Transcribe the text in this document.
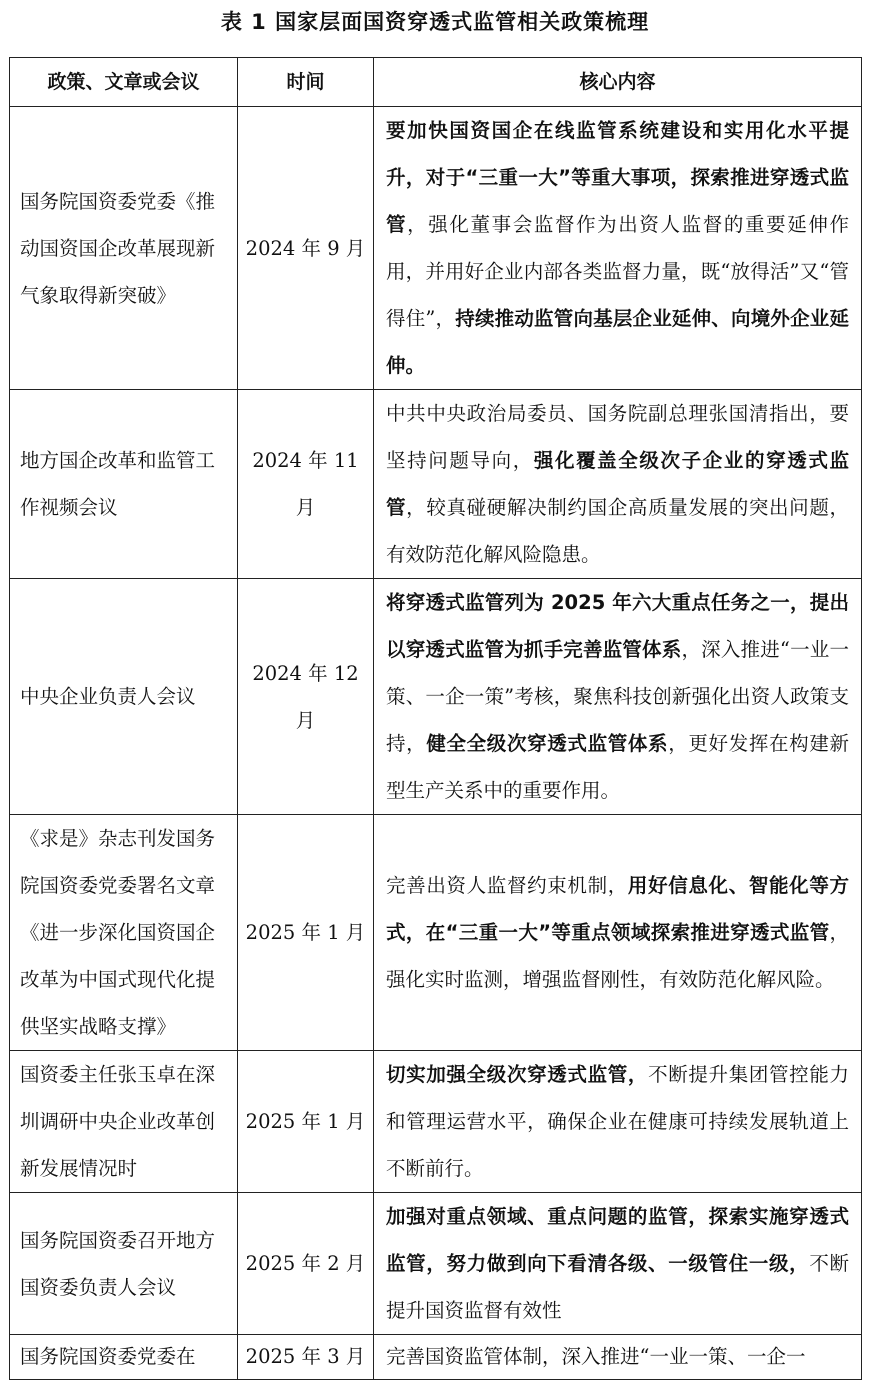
表 1 国家层面国资穿透式监管相关政策梳理
政策、文章或会议	时间	核心内容
国务院国资委党委《推动国资国企改革展现新气象取得新突破》	2024 年 9 月	要加快国资国企在线监管系统建设和实用化水平提升，对于“三重一大”等重大事项，探索推进穿透式监管，强化董事会监督作为出资人监督的重要延伸作用，并用好企业内部各类监督力量，既“放得活”又“管得住”，持续推动监管向基层企业延伸、向境外企业延伸。
地方国企改革和监管工作视频会议	2024 年 11 月	中共中央政治局委员、国务院副总理张国清指出，要坚持问题导向，强化覆盖全级次子企业的穿透式监管，较真碰硬解决制约国企高质量发展的突出问题，有效防范化解风险隐患。
中央企业负责人会议	2024 年 12 月	将穿透式监管列为 2025 年六大重点任务之一，提出以穿透式监管为抓手完善监管体系，深入推进“一业一策、一企一策”考核，聚焦科技创新强化出资人政策支持，健全全级次穿透式监管体系，更好发挥在构建新型生产关系中的重要作用。
《求是》杂志刊发国务院国资委党委署名文章《进一步深化国资国企改革为中国式现代化提供坚实战略支撑》	2025 年 1 月	完善出资人监督约束机制，用好信息化、智能化等方式，在“三重一大”等重点领域探索推进穿透式监管，强化实时监测，增强监督刚性，有效防范化解风险。
国资委主任张玉卓在深圳调研中央企业改革创新发展情况时	2025 年 1 月	切实加强全级次穿透式监管，不断提升集团管控能力和管理运营水平，确保企业在健康可持续发展轨道上不断前行。
国务院国资委召开地方国资委负责人会议	2025 年 2 月	加强对重点领域、重点问题的监管，探索实施穿透式监管，努力做到向下看清各级、一级管住一级，不断提升国资监督有效性
国务院国资委党委在	2025 年 3 月	完善国资监管体制，深入推进“一业一策、一企一
